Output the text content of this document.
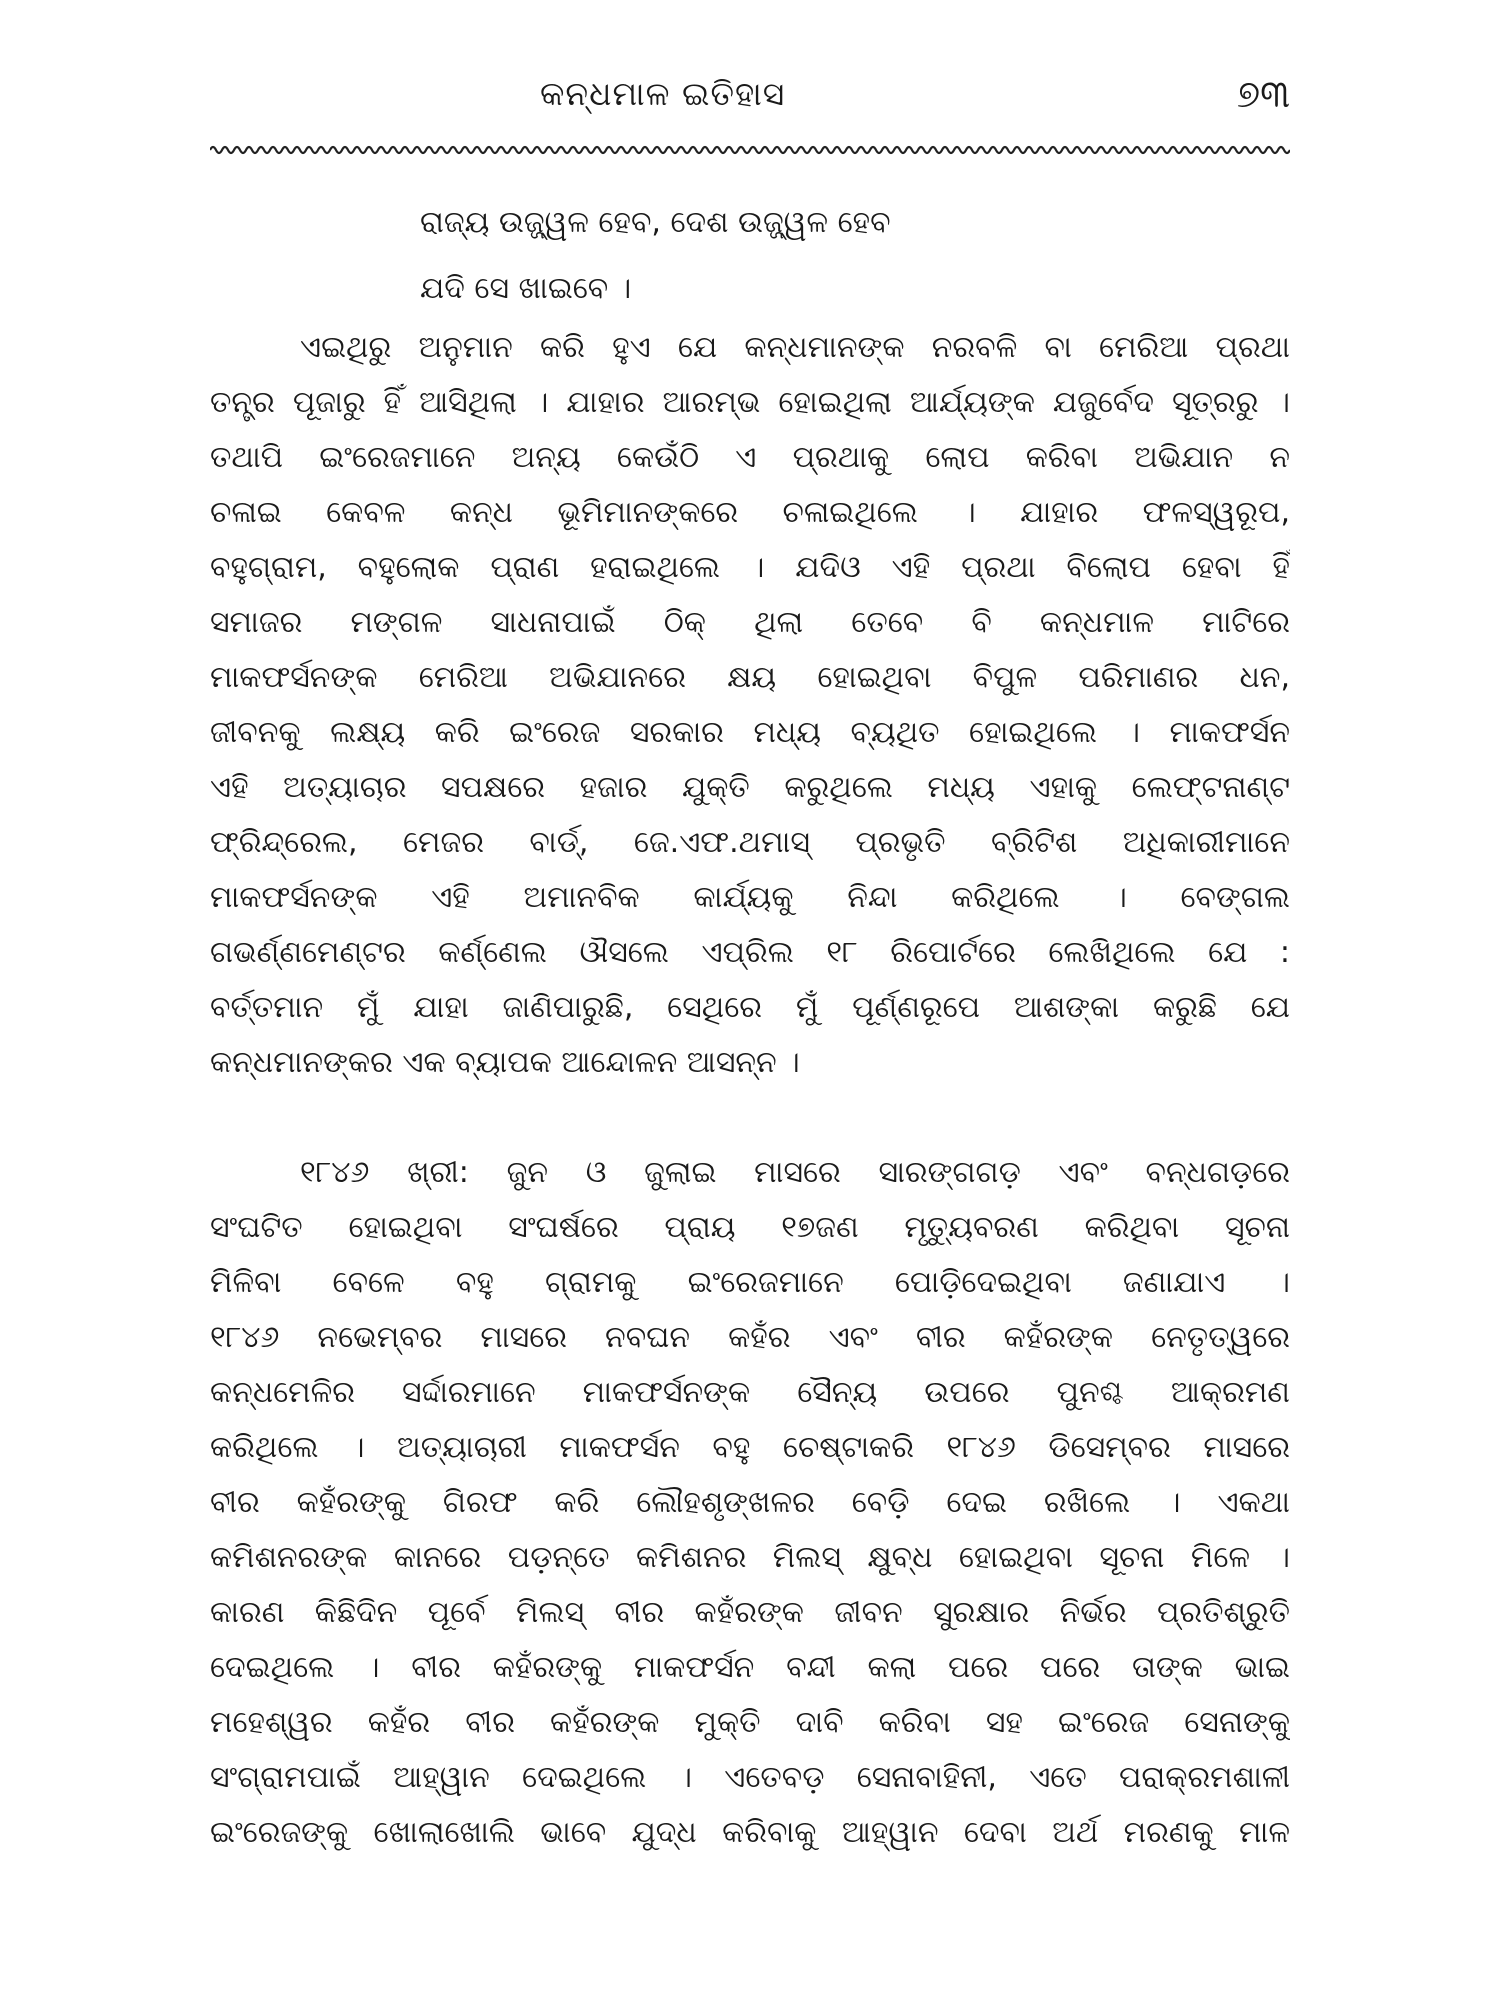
କନ୍ଧମାଳ ଇତିହାସ	୭୩
ରାଜ୍ୟ ଉଜ୍ଜ୍ୱଳ ହେବ, ଦେଶ ଉଜ୍ଜ୍ୱଳ ହେବ
ଯଦି ସେ ଖାଇବେ ।
ଏଇଥିରୁ ଅନୁମାନ କରି ହୁଏ ଯେ କନ୍ଧମାନଙ୍କ ନରବଳି ବା ମେରିଆ ପ୍ରଥା
ତନ୍ତ୍ର ପୂଜାରୁ ହିଁ ଆସିଥିଲା । ଯାହାର ଆରମ୍ଭ ହୋଇଥିଲା ଆର୍ଯ୍ୟଙ୍କ ଯଜୁର୍ବେଦ ସୂତ୍ରରୁ ।
ତଥାପି ଇଂରେଜମାନେ ଅନ୍ୟ କେଉଁଠି ଏ ପ୍ରଥାକୁ ଲୋପ କରିବା ଅଭିଯାନ ନ
ଚଳାଇ କେବଳ କନ୍ଧ ଭୂମିମାନଙ୍କରେ ଚଳାଇଥିଲେ । ଯାହାର ଫଳସ୍ୱରୂପ,
ବହୁଗ୍ରାମ, ବହୁଲୋକ ପ୍ରାଣ ହରାଇଥିଲେ । ଯଦିଓ ଏହି ପ୍ରଥା ବିଲୋପ ହେବା ହିଁ
ସମାଜର ମଙ୍ଗଳ ସାଧନାପାଇଁ ଠିକ୍ ଥିଲା ତେବେ ବି କନ୍ଧମାଳ ମାଟିରେ
ମାକଫର୍ସନଙ୍କ ମେରିଆ ଅଭିଯାନରେ କ୍ଷୟ ହୋଇଥିବା ବିପୁଳ ପରିମାଣର ଧନ,
ଜୀବନକୁ ଲକ୍ଷ୍ୟ କରି ଇଂରେଜ ସରକାର ମଧ୍ୟ ବ୍ୟଥିତ ହୋଇଥିଲେ । ମାକଫର୍ସନ
ଏହି ଅତ୍ୟାଚାର ସପକ୍ଷରେ ହଜାର ଯୁକ୍ତି କରୁଥିଲେ ମଧ୍ୟ ଏହାକୁ ଲେଫ୍ଟନାଣ୍ଟ
ଫ୍ରିନ୍ଦ୍ରେଲ, ମେଜର ବାର୍ଡ୍, ଜେ.ଏଫ.ଥମାସ୍ ପ୍ରଭୃତି ବ୍ରିଟିଶ ଅଧିକାରୀମାନେ
ମାକଫର୍ସନଙ୍କ ଏହି ଅମାନବିକ କାର୍ଯ୍ୟକୁ ନିନ୍ଦା କରିଥିଲେ । ବେଙ୍ଗଲ
ଗଭର୍ଣ୍ଣମେଣ୍ଟର କର୍ଣ୍ଣେଲ ଔସଲେ ଏପ୍ରିଲ ୧୮ ରିପୋର୍ଟରେ ଲେଖିଥିଲେ ଯେ :
ବର୍ତ୍ତମାନ ମୁଁ ଯାହା ଜାଣିପାରୁଛି, ସେଥିରେ ମୁଁ ପୂର୍ଣ୍ଣରୂପେ ଆଶଙ୍କା କରୁଛି ଯେ
କନ୍ଧମାନଙ୍କର ଏକ ବ୍ୟାପକ ଆନ୍ଦୋଳନ ଆସନ୍ନ ।
୧୮୪୬ ଖ୍ରୀ: ଜୁନ ଓ ଜୁଲାଇ ମାସରେ ସାରଙ୍ଗଗଡ଼ ଏବଂ ବନ୍ଧଗଡ଼ରେ
ସଂଘଟିତ ହୋଇଥିବା ସଂଘର୍ଷରେ ପ୍ରାୟ ୧୭ଜଣ ମୃତ୍ୟୁବରଣ କରିଥିବା ସୂଚନା
ମିଳିବା ବେଳେ ବହୁ ଗ୍ରାମକୁ ଇଂରେଜମାନେ ପୋଡ଼ିଦେଇଥିବା ଜଣାଯାଏ ।
୧୮୪୬ ନଭେମ୍ବର ମାସରେ ନବଘନ କହଁର ଏବଂ ବୀର କହଁରଙ୍କ ନେତୃତ୍ୱରେ
କନ୍ଧମେଳିର ସର୍ଦ୍ଦାରମାନେ ମାକଫର୍ସନଙ୍କ ସୈନ୍ୟ ଉପରେ ପୁନଶ୍ଚ ଆକ୍ରମଣ
କରିଥିଲେ । ଅତ୍ୟାଚାରୀ ମାକଫର୍ସନ ବହୁ ଚେଷ୍ଟାକରି ୧୮୪୬ ଡିସେମ୍ବର ମାସରେ
ବୀର କହଁରଙ୍କୁ ଗିରଫ କରି ଲୌହଶୃଙ୍ଖଳର ବେଡ଼ି ଦେଇ ରଖିଲେ । ଏକଥା
କମିଶନରଙ୍କ କାନରେ ପଡ଼ନ୍ତେ କମିଶନର ମିଲସ୍ କ୍ଷୁବ୍ଧ ହୋଇଥିବା ସୂଚନା ମିଳେ ।
କାରଣ କିଛିଦିନ ପୂର୍ବେ ମିଲସ୍ ବୀର କହଁରଙ୍କ ଜୀବନ ସୁରକ୍ଷାର ନିର୍ଭର ପ୍ରତିଶ୍ରୁତି
ଦେଇଥିଲେ । ବୀର କହଁରଙ୍କୁ ମାକଫର୍ସନ ବନ୍ଦୀ କଲା ପରେ ପରେ ତାଙ୍କ ଭାଇ
ମହେଶ୍ୱର କହଁର ବୀର କହଁରଙ୍କ ମୁକ୍ତି ଦାବି କରିବା ସହ ଇଂରେଜ ସେନାଙ୍କୁ
ସଂଗ୍ରାମପାଇଁ ଆହ୍ୱାନ ଦେଇଥିଲେ । ଏତେବଡ଼ ସେନାବାହିନୀ, ଏତେ ପରାକ୍ରମଶାଳୀ
ଇଂରେଜଙ୍କୁ ଖୋଲାଖୋଲି ଭାବେ ଯୁଦ୍ଧ କରିବାକୁ ଆହ୍ୱାନ ଦେବା ଅର୍ଥ ମରଣକୁ ମାଳ
